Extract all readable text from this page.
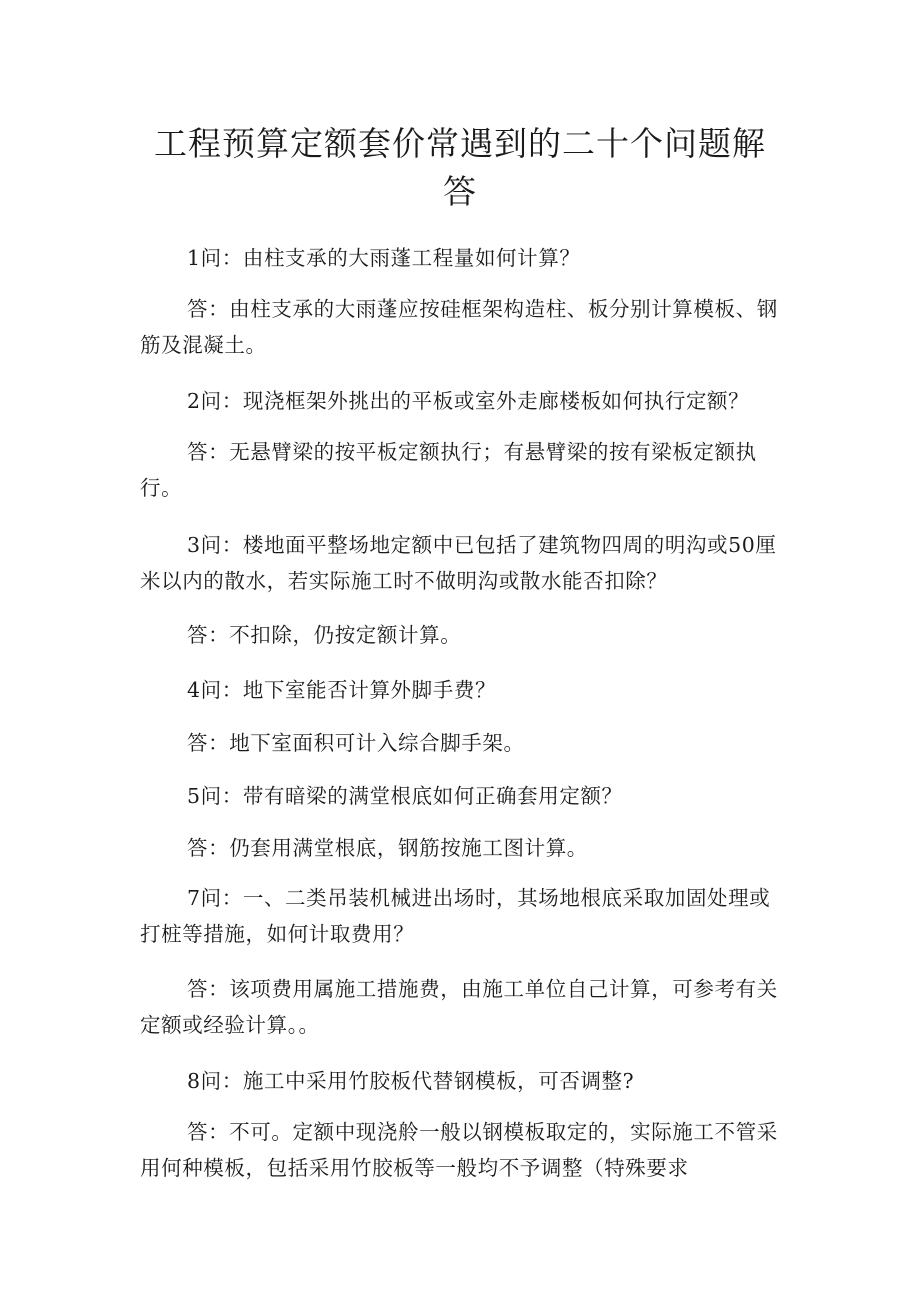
工程预算定额套价常遇到的二十个问题解答

1问：由柱支承的大雨蓬工程量如何计算？

答：由柱支承的大雨蓬应按硅框架构造柱、板分别计算模板、钢筋及混凝土。

2问：现浇框架外挑出的平板或室外走廊楼板如何执行定额？

答：无悬臂梁的按平板定额执行；有悬臂梁的按有梁板定额执行。

3问：楼地面平整场地定额中已包括了建筑物四周的明沟或50厘米以内的散水，若实际施工时不做明沟或散水能否扣除？

答：不扣除，仍按定额计算。

4问：地下室能否计算外脚手费？

答：地下室面积可计入综合脚手架。

5问：带有暗梁的满堂根底如何正确套用定额？

答：仍套用满堂根底，钢筋按施工图计算。

7问：一、二类吊装机械进出场时，其场地根底采取加固处理或打桩等措施，如何计取费用？

答：该项费用属施工措施费，由施工单位自己计算，可参考有关定额或经验计算。。

8问：施工中采用竹胶板代替钢模板，可否调整?

答：不可。定额中现浇舲一般以钢模板取定的，实际施工不管采用何种模板，包括采用竹胶板等一般均不予调整（特殊要求
